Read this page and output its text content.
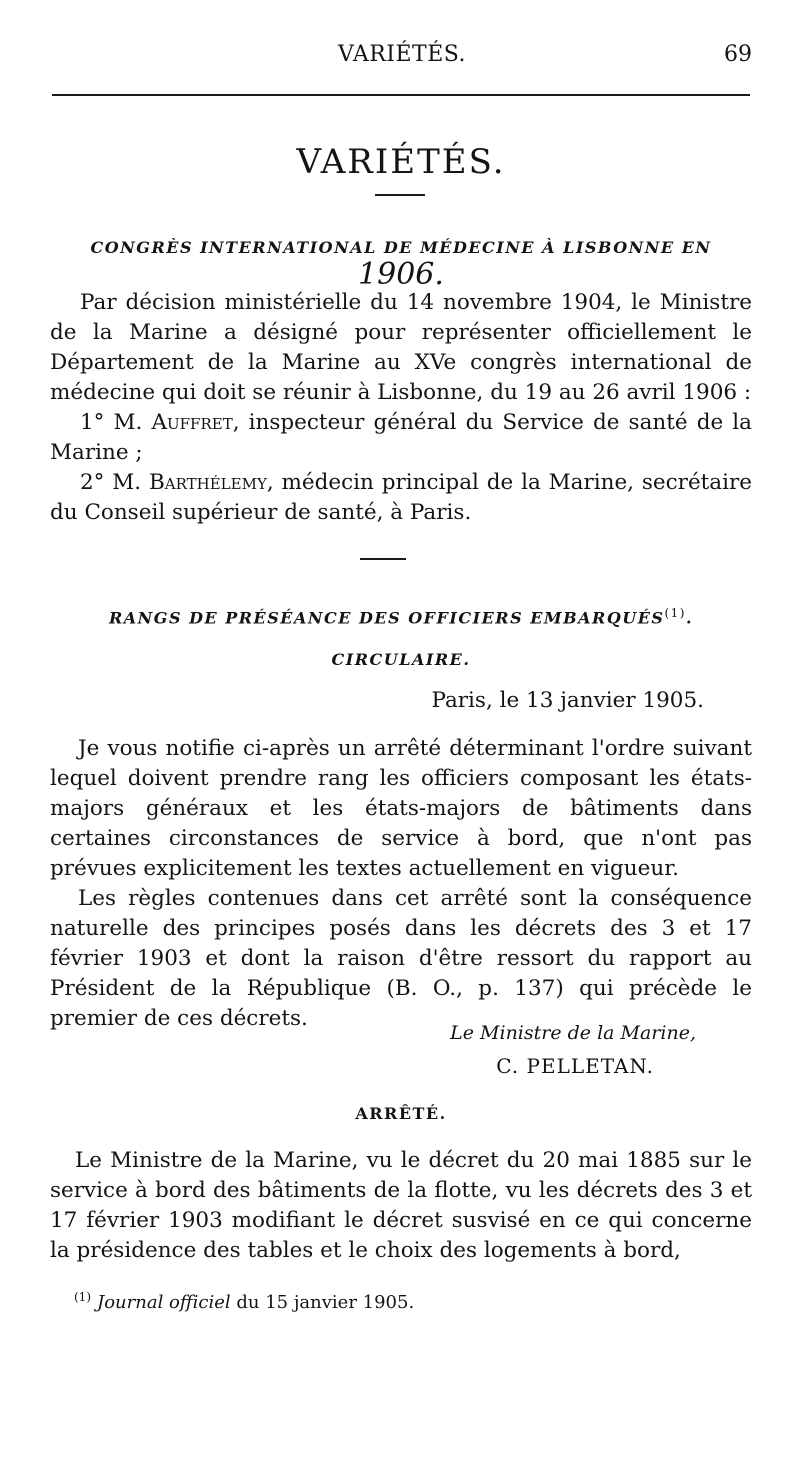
VARIÉTÉS.	69
VARIÉTÉS.
CONGRÈS INTERNATIONAL DE MÉDECINE À LISBONNE EN 1906.
Par décision ministérielle du 14 novembre 1904, le Ministre de la Marine a désigné pour représenter officiellement le Département de la Marine au XVe congrès international de médecine qui doit se réunir à Lisbonne, du 19 au 26 avril 1906 :
1° M. Auffret, inspecteur général du Service de santé de la Marine ;
2° M. Barthélemy, médecin principal de la Marine, secrétaire du Conseil supérieur de santé, à Paris.
RANGS DE PRÉSÉANCE DES OFFICIERS EMBARQUÉS$^{(1)}$.
CIRCULAIRE.
Paris, le 13 janvier 1905.
Je vous notifie ci-après un arrêté déterminant l'ordre suivant lequel doivent prendre rang les officiers composant les états-majors généraux et les états-majors de bâtiments dans certaines circonstances de service à bord, que n'ont pas prévues explicitement les textes actuellement en vigueur.
Les règles contenues dans cet arrêté sont la conséquence naturelle des principes posés dans les décrets des 3 et 17 février 1903 et dont la raison d'être ressort du rapport au Président de la République (B. O., p. 137) qui précède le premier de ces décrets.
Le Ministre de la Marine,
C. PELLETAN.
ARRÊTÉ.
Le Ministre de la Marine, vu le décret du 20 mai 1885 sur le service à bord des bâtiments de la flotte, vu les décrets des 3 et 17 février 1903 modifiant le décret susvisé en ce qui concerne la présidence des tables et le choix des logements à bord,
$^{(1)}$ Journal officiel du 15 janvier 1905.
